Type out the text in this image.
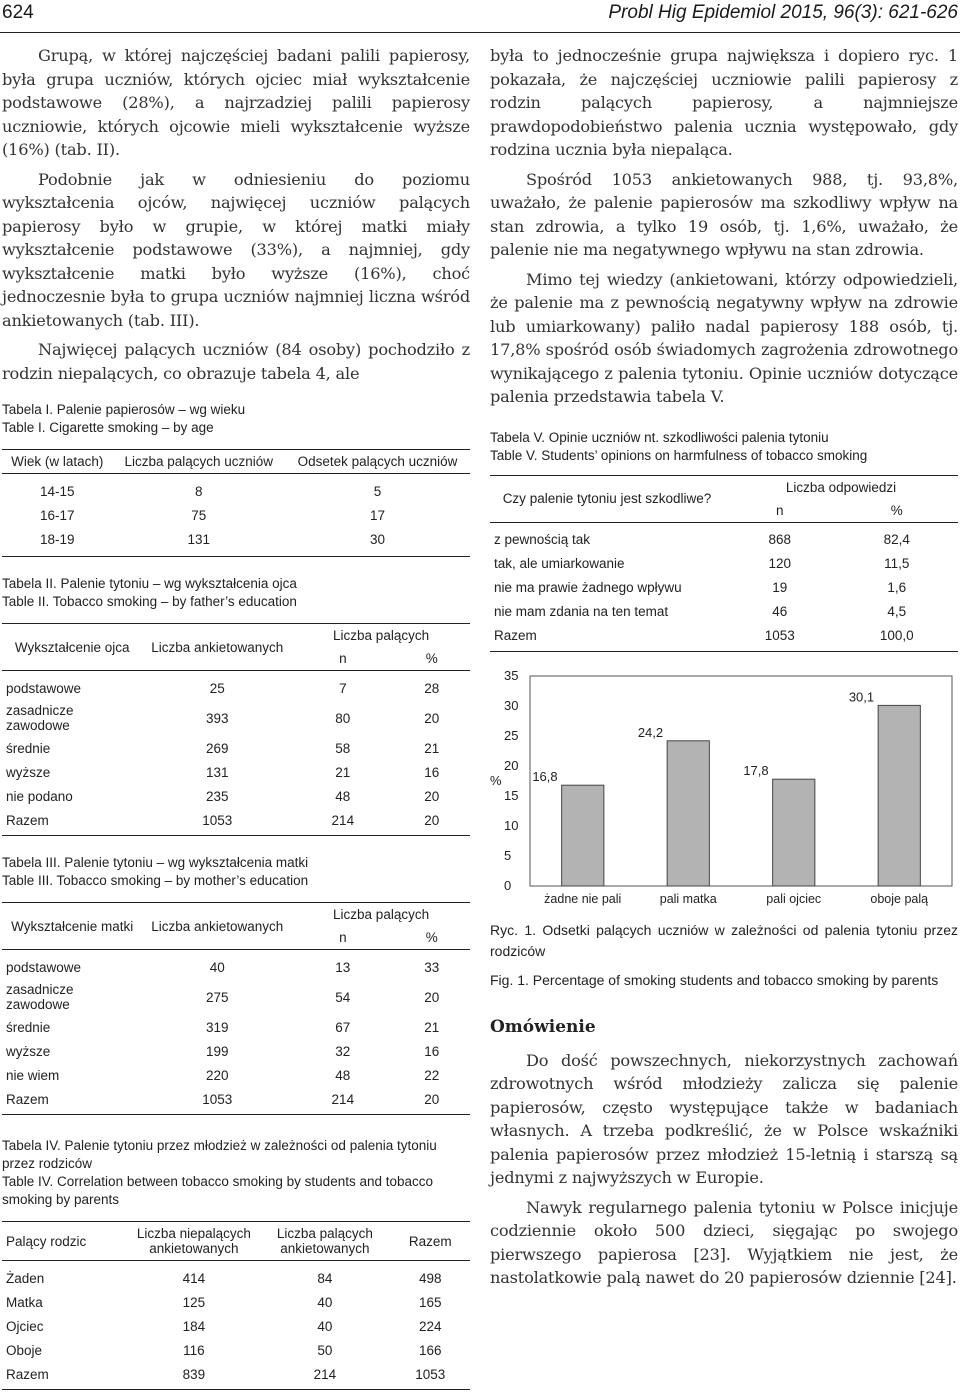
624	Probl Hig Epidemiol 2015, 96(3): 621-626

Grupą, w której najczęściej badani palili papierosy, była grupa uczniów, których ojciec miał wykształcenie podstawowe (28%), a najrzadziej palili papierosy uczniowie, których ojcowie mieli wykształcenie wyższe (16%) (tab. II).

Podobnie jak w odniesieniu do poziomu wykształcenia ojców, najwięcej uczniów palących papierosy było w grupie, w której matki miały wykształcenie podstawowe (33%), a najmniej, gdy wykształcenie matki było wyższe (16%), choć jednoczesnie była to grupa uczniów najmniej liczna wśród ankietowanych (tab. III).

Najwięcej palących uczniów (84 osoby) pochodziło z rodzin niepalących, co obrazuje tabela 4, ale

Tabela I. Palenie papierosów – wg wieku

Table I. Cigarette smoking – by age

Wiek (w latach)	Liczba palących uczniów	Odsetek palących uczniów
14-15	8	5
16-17	75	17
18-19	131	30

Tabela II. Palenie tytoniu – wg wykształcenia ojca

Table II. Tobacco smoking – by father’s education

Wykształcenie ojca	Liczba ankietowanych	Liczba palących	
		n	%
podstawowe	25	7	28
zasadnicze zawodowe	393	80	20
średnie	269	58	21
wyższe	131	21	16
nie podano	235	48	20
Razem	1053	214	20

Tabela III. Palenie tytoniu – wg wykształcenia matki

Table III. Tobacco smoking – by mother’s education

Wykształcenie matki	Liczba ankietowanych	Liczba palących	
		n	%
podstawowe	40	13	33
zasadnicze zawodowe	275	54	20
średnie	319	67	21
wyższe	199	32	16
nie wiem	220	48	22
Razem	1053	214	20

Tabela IV. Palenie tytoniu przez młodzież w zależności od palenia tytoniu przez rodziców

Table IV. Correlation between tobacco smoking by students and tobacco smoking by parents

Palący rodzic	Liczba niepalących ankietowanych	Liczba palących ankietowanych	Razem
Żaden	414	84	498
Matka	125	40	165
Ojciec	184	40	224
Oboje	116	50	166
Razem	839	214	1053

była to jednocześnie grupa największa i dopiero ryc. 1 pokazała, że najczęściej uczniowie palili papierosy z rodzin palących papierosy, a najmniejsze prawdopodobieństwo palenia ucznia występowało, gdy rodzina ucznia była niepaląca.

Spośród 1053 ankietowanych 988, tj. 93,8%, uważało, że palenie papierosów ma szkodliwy wpływ na stan zdrowia, a tylko 19 osób, tj. 1,6%, uważało, że palenie nie ma negatywnego wpływu na stan zdrowia.

Mimo tej wiedzy (ankietowani, którzy odpowiedzieli, że palenie ma z pewnością negatywny wpływ na zdrowie lub umiarkowany) paliło nadal papierosy 188 osób, tj. 17,8% spośród osób świadomych zagrożenia zdrowotnego wynikającego z palenia tytoniu. Opinie uczniów dotyczące palenia przedstawia tabela V.

Tabela V. Opinie uczniów nt. szkodliwości palenia tytoniu

Table V. Students’ opinions on harmfulness of tobacco smoking

Czy palenie tytoniu jest szkodliwe?	Liczba odpowiedzi	
	n	%
z pewnością tak	868	82,4
tak, ale umiarkowanie	120	11,5
nie ma prawie żadnego wpływu	19	1,6
nie mam zdania na ten temat	46	4,5
Razem	1053	100,0
0
5
10
15
20
25
30
35
% 16,8
żadne nie pali
24,2
pali matka
17,8
pali ojciec
30,1
oboje palą

Ryc. 1. Odsetki palących uczniów w zależności od palenia tytoniu przez rodziców

Fig. 1. Percentage of smoking students and tobacco smoking by parents

Omówienie

Do dość powszechnych, niekorzystnych zachowań zdrowotnych wśród młodzieży zalicza się palenie papierosów, często występujące także w badaniach własnych. A trzeba podkreślić, że w Polsce wskaźniki palenia papierosów przez młodzież 15-letnią i starszą są jednymi z najwyższych w Europie.

Nawyk regularnego palenia tytoniu w Polsce inicjuje codziennie około 500 dzieci, sięgając po swojego pierwszego papierosa [23]. Wyjątkiem nie jest, że nastolatkowie palą nawet do 20 papierosów dziennie [24].
